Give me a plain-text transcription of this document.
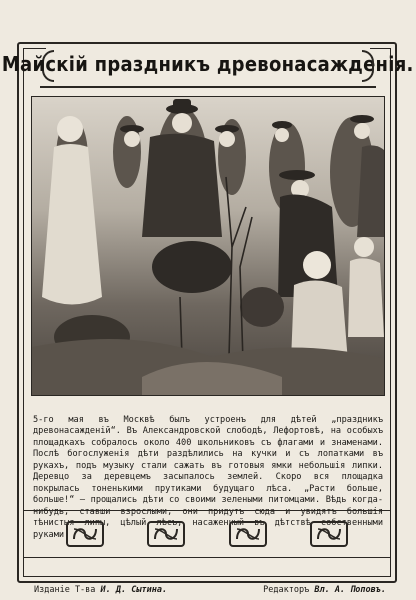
Майскій праздникъ древонасажденія.

5-го мая въ Москвѣ былъ устроенъ для дѣтей „праздникъ древонасажденій“. Въ Александровской слободѣ, Лефортовѣ, на особыхъ площадкахъ собралось около 400 школьниковъ съ флагами и знаменами. Послѣ богослуженія дѣти раздѣлились на кучки и съ лопатками въ рукахъ, подъ музыку стали сажать въ готовыя ямки небольшія липки. Деревцо за деревцемъ засыпалось землей. Скоро вся площадка покрылась тоненькими прутиками будущаго лѣса. „Расти больше, больше!“ — прощались дѣти со своими зелеными питомцами. Вѣдь когда-нибудь, ставши взрослыми, они придутъ сюда и увидятъ большія тѣнистыя липы, цѣлый лѣсъ, насаженный въ дѣтствѣ собственными руками!

Изданіе Т-ва И. Д. Сытина.	Редакторъ Вл. А. Поповъ.
